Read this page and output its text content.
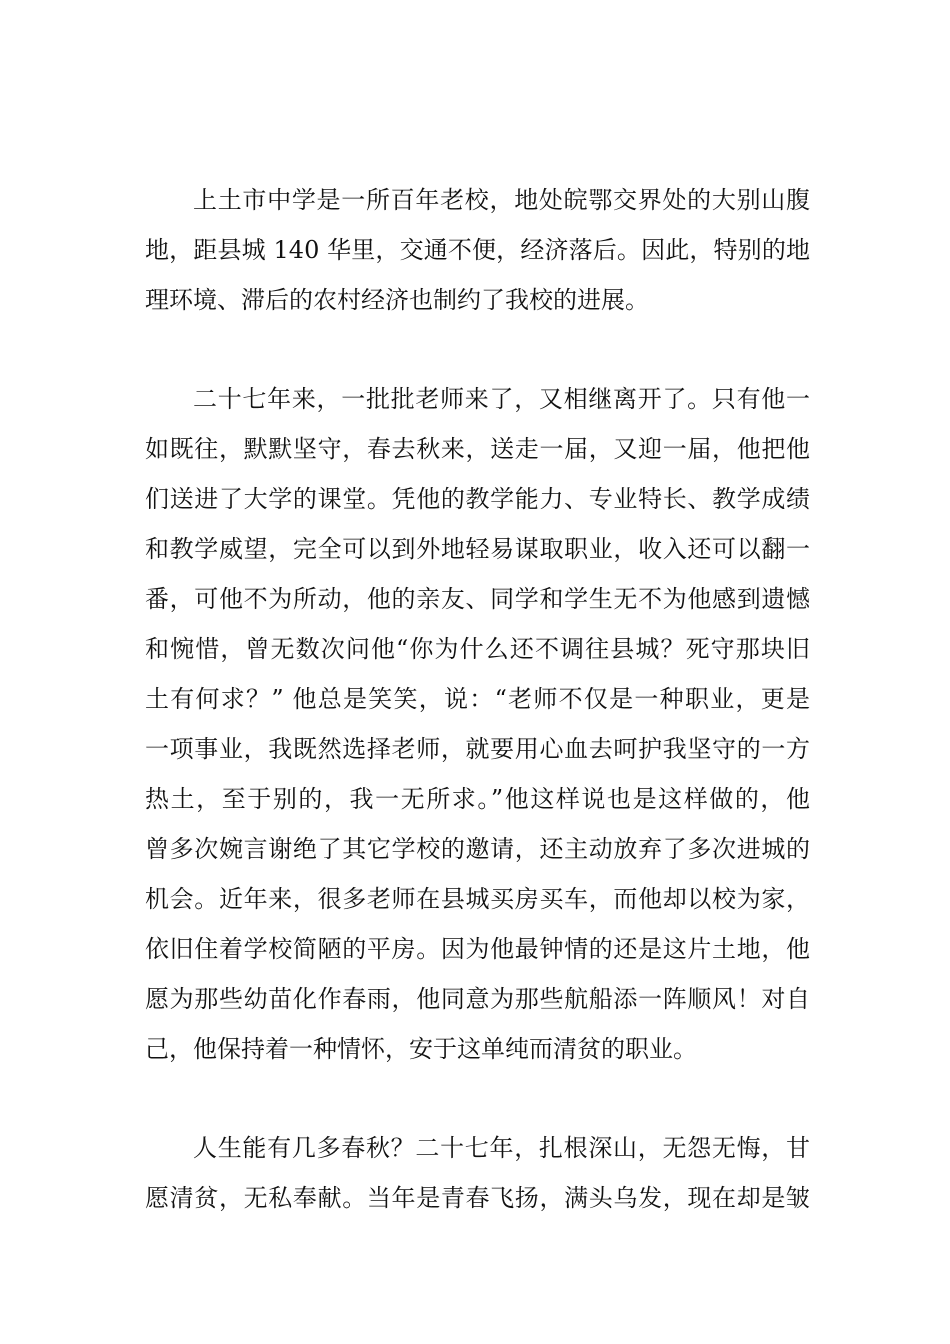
上土市中学是一所百年老校，地处皖鄂交界处的大别山腹
地，距县城 140 华里，交通不便，经济落后。因此，特别的地
理环境、滞后的农村经济也制约了我校的进展。
二十七年来，一批批老师来了，又相继离开了。只有他一
如既往，默默坚守，春去秋来，送走一届，又迎一届，他把他
们送进了大学的课堂。凭他的教学能力、专业特长、教学成绩
和教学威望，完全可以到外地轻易谋取职业，收入还可以翻一
番，可他不为所动，他的亲友、同学和学生无不为他感到遗憾
和惋惜，曾无数次问他“你为什么还不调往县城？死守那块旧
土有何求？” 他总是笑笑，说：“老师不仅是一种职业，更是
一项事业，我既然选择老师，就要用心血去呵护我坚守的一方
热土，至于别的，我一无所求。”他这样说也是这样做的，他
曾多次婉言谢绝了其它学校的邀请，还主动放弃了多次进城的
机会。近年来，很多老师在县城买房买车，而他却以校为家，
依旧住着学校简陋的平房。因为他最钟情的还是这片土地，他
愿为那些幼苗化作春雨，他同意为那些航船添一阵顺风！对自
己，他保持着一种情怀，安于这单纯而清贫的职业。
人生能有几多春秋？二十七年，扎根深山，无怨无悔，甘
愿清贫，无私奉献。当年是青春飞扬，满头乌发，现在却是皱
